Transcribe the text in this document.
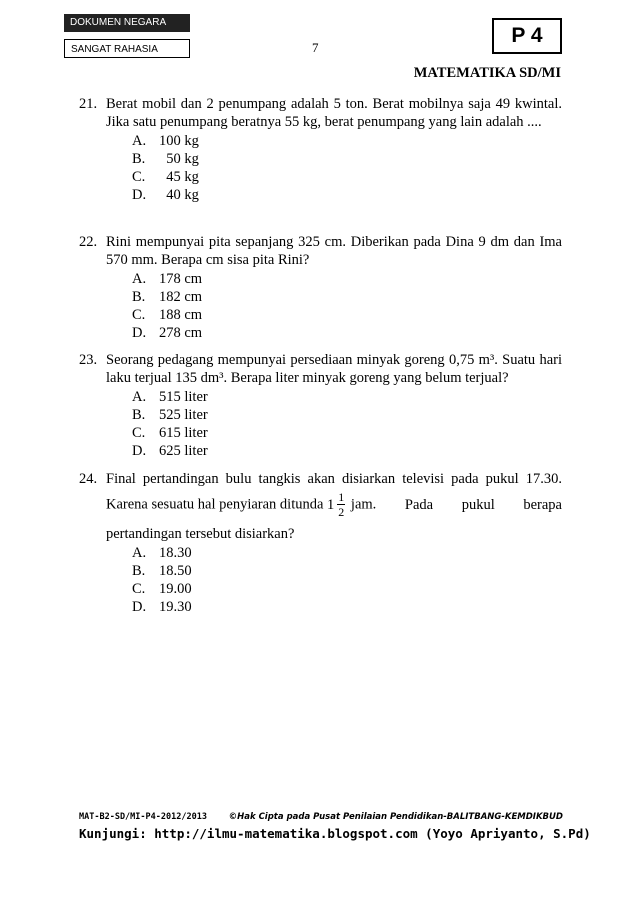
DOKUMEN NEGARA
SANGAT RAHASIA	7
P 4
MATEMATIKA SD/MI
21. Berat mobil dan 2 penumpang adalah 5 ton. Berat mobilnya saja 49 kwintal. Jika satu penumpang beratnya 55 kg, berat penumpang yang lain adalah ....
A. 100 kg
B. 50 kg
C. 45 kg
D. 40 kg
22. Rini mempunyai pita sepanjang 325 cm. Diberikan pada Dina 9 dm dan Ima 570 mm. Berapa cm sisa pita Rini?
A. 178 cm
B. 182 cm
C. 188 cm
D. 278 cm
23. Seorang pedagang mempunyai persediaan minyak goreng 0,75 m³. Suatu hari laku terjual 135 dm³. Berapa liter minyak goreng yang belum terjual?
A. 515 liter
B. 525 liter
C. 615 liter
D. 625 liter
24. Final pertandingan bulu tangkis akan disiarkan televisi pada pukul 17.30.
Karena sesuatu hal penyiaran ditunda $1 \frac{1}{2}$ jam. Pada pukul berapa
pertandingan tersebut disiarkan?
A. 18.30
B. 18.50
C. 19.00
D. 19.30
MAT-B2-SD/MI-P4-2012/2013	©Hak Cipta pada Pusat Penilaian Pendidikan-BALITBANG-KEMDIKBUD
Kunjungi: http://ilmu-matematika.blogspot.com (Yoyo Apriyanto, S.Pd)
